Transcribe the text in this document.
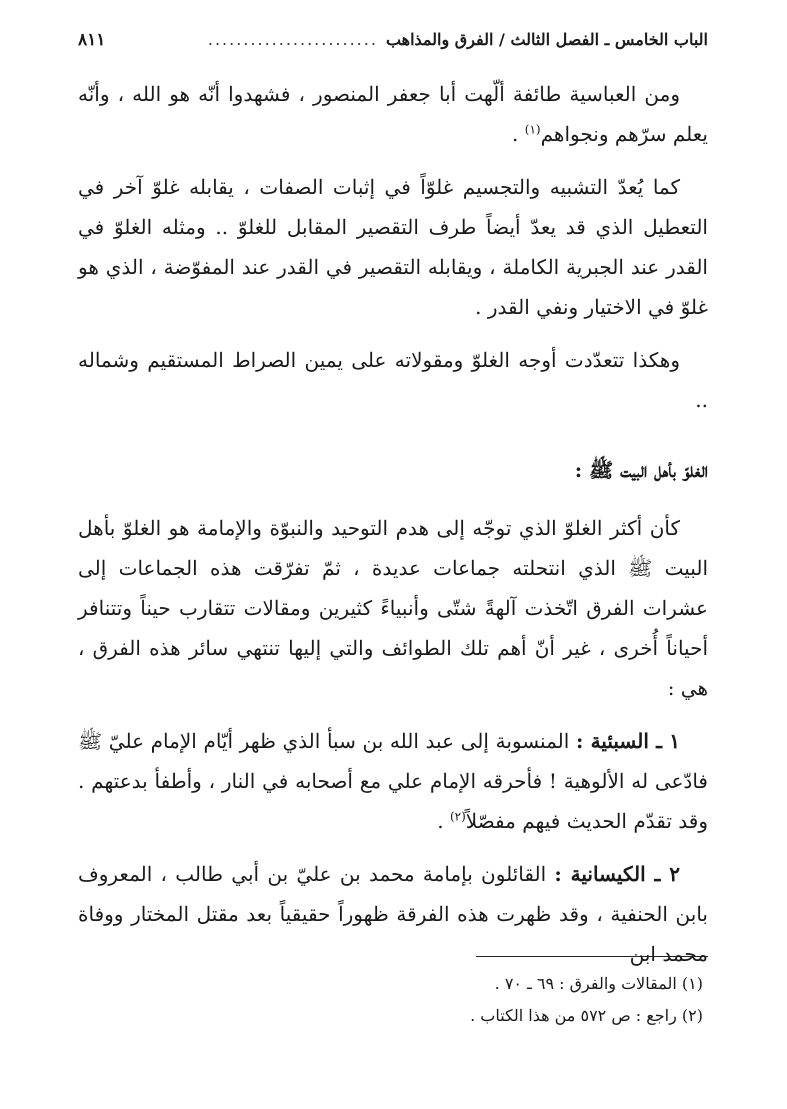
الباب الخامس ـ الفصل الثالث / الفرق والمذاهب
........................
٨١١

ومن العباسية طائفة ألّهت أبا جعفر المنصور ، فشهدوا أنّه هو الله ، وأنّه يعلم سرّهم ونجواهم$^{(١)}$ .

كما يُعدّ التشبيه والتجسيم غلوّاً في إثبات الصفات ، يقابله غلوّ آخر في التعطيل الذي قد يعدّ أيضاً طرف التقصير المقابل للغلوّ .. ومثله الغلوّ في القدر عند الجبرية الكاملة ، ويقابله التقصير في القدر عند المفوّضة ، الذي هو غلوّ في الاختيار ونفي القدر .

وهكذا تتعدّدت أوجه الغلوّ ومقولاته على يمين الصراط المستقيم وشماله ..

الغلوّ بأهل البيت ﷺ :

كأن أكثر الغلوّ الذي توجّه إلى هدم التوحيد والنبوّة والإمامة هو الغلوّ بأهل البيت ﷺ الذي انتحلته جماعات عديدة ، ثمّ تفرّقت هذه الجماعات إلى عشرات الفرق اتّخذت آلهةً شتّى وأنبياءً كثيرين ومقالات تتقارب حيناً وتتنافر أحياناً أُخرى ، غير أنّ أهم تلك الطوائف والتي إليها تنتهي سائر هذه الفرق ، هي :

١ ـ السبئية : المنسوبة إلى عبد الله بن سبأ الذي ظهر أيّام الإمام عليّ ﷺ فادّعى له الألوهية ! فأحرقه الإمام علي مع أصحابه في النار ، وأطفأ بدعتهم . وقد تقدّم الحديث فيهم مفصّلاً$^{(٢)}$ .

٢ ـ الكيسانية : القائلون بإمامة محمد بن عليّ بن أبي طالب ، المعروف بابن الحنفية ، وقد ظهرت هذه الفرقة ظهوراً حقيقياً بعد مقتل المختار ووفاة محمد ابن

(١) المقالات والفرق : ٦٩ ـ ٧٠ .

(٢) راجع : ص ٥٧٢ من هذا الكتاب .
